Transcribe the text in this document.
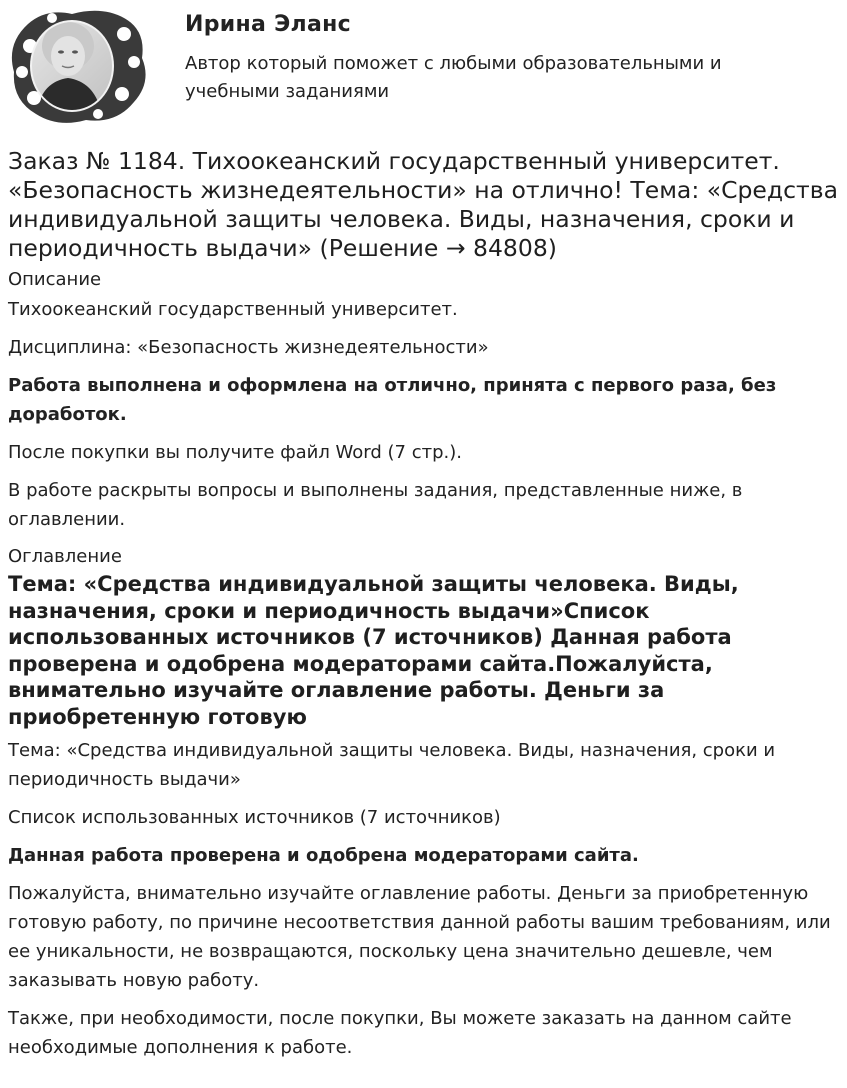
Ирина Эланс
Автор который поможет с любыми образовательными и учебными заданиями
Заказ № 1184. Тихоокеанский государственный университет. «Безопасность жизнедеятельности» на отлично! Тема: «Средства индивидуальной защиты человека. Виды, назначения, сроки и периодичность выдачи» (Решение → 84808)
Описание

Тихоокеанский государственный университет.

Дисциплина: «Безопасность жизнедеятельности»

Работа выполнена и оформлена на отлично, принята с первого раза, без доработок.

После покупки вы получите файл Word (7 стр.).

В работе раскрыты вопросы и выполнены задания, представленные ниже, в оглавлении.

Оглавление
Тема: «Средства индивидуальной защиты человека. Виды, назначения, сроки и периодичность выдачи»Список использованных источников (7 источников) Данная работа проверена и одобрена модераторами сайта.Пожалуйста, внимательно изучайте оглавление работы. Деньги за приобретенную готовую

Тема: «Средства индивидуальной защиты человека. Виды, назначения, сроки и периодичность выдачи»

Список использованных источников (7 источников)

Данная работа проверена и одобрена модераторами сайта.

Пожалуйста, внимательно изучайте оглавление работы. Деньги за приобретенную готовую работу, по причине несоответствия данной работы вашим требованиям, или ее уникальности, не возвращаются, поскольку цена значительно дешевле, чем заказывать новую работу.

Также, при необходимости, после покупки, Вы можете заказать на данном сайте необходимые дополнения к работе.
